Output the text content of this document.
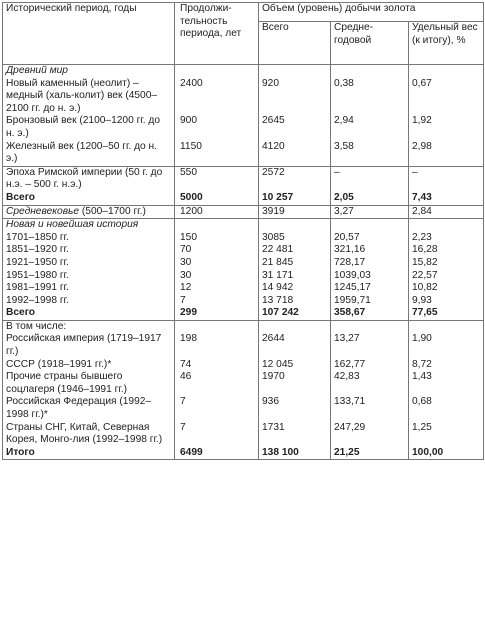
Исторический период, годы	Продолжи-тельность периода, лет	Объем (уровень) добычи золота		
		Всего	Средне-годовой	Удельный вес (к итогу), %
Древний мир				
Новый каменный (неолит) – медный (халь-колит) век (4500–2100 гг. до н. э.)	2400	920	0,38	0,67
Бронзовый век (2100–1200 гг. до н. э.)	900	2645	2,94	1,92
Железный век (1200–50 гг. до н. э.)	1150	4120	3,58	2,98
Эпоха Римской империи (50 г. до н.э. – 500 г. н.э.)	550	2572	–	–
Всего	5000	10 257	2,05	7,43
Средневековье (500–1700 гг.)	1200	3919	3,27	2,84
Новая и новейшая история				
1701–1850 гг.	150	3085	20,57	2,23
1851–1920 гг.	70	22 481	321,16	16,28
1921–1950 гг.	30	21 845	728,17	15,82
1951–1980 гг.	30	31 171	1039,03	22,57
1981–1991 гг.	12	14 942	1245,17	10,82
1992–1998 гг.	7	13 718	1959,71	9,93
Всего	299	107 242	358,67	77,65
В том числе:				
Российская империя (1719–1917 гг.)	198	2644	13,27	1,90
СССР (1918–1991 гг.)*	74	12 045	162,77	8,72
Прочие страны бывшего соцлагеря (1946–1991 гг.)	46	1970	42,83	1,43
Российская Федерация (1992–1998 гг.)*	7	936	133,71	0,68
Страны СНГ, Китай, Северная Корея, Монго-лия (1992–1998 гг.)	7	1731	247,29	1,25
Итого	6499	138 100	21,25	100,00
